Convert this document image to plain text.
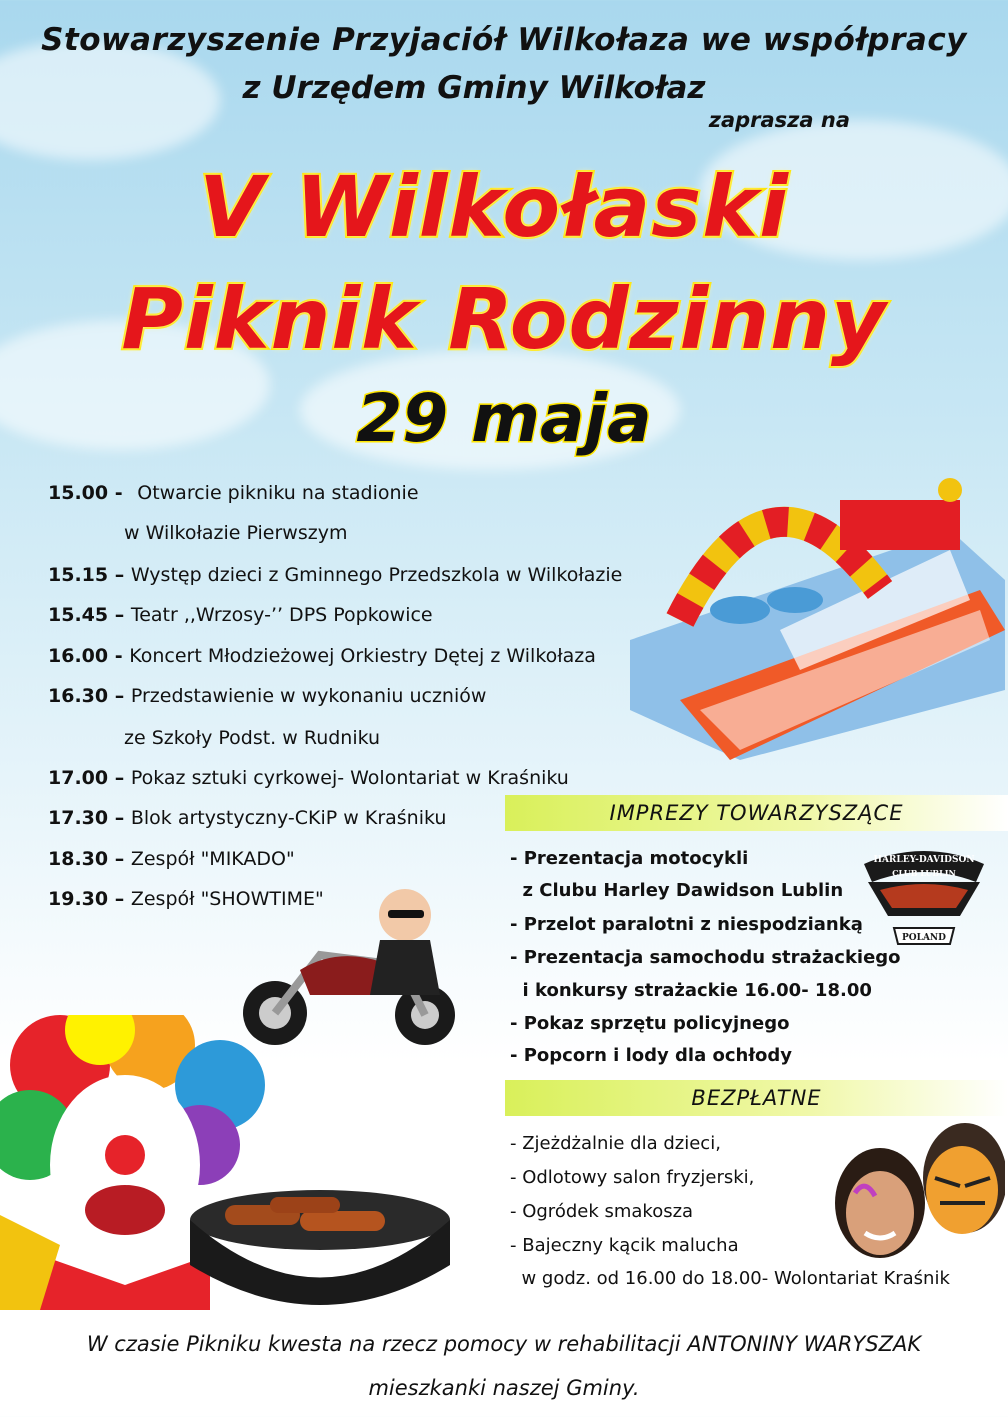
Stowarzyszenie Przyjaciół Wilkołaza we współpracy
z Urzędem Gminy Wilkołaz
zaprasza na
V Wilkołaski
Piknik Rodzinny
29 maja
15.00 - Otwarcie pikniku na stadionie
w Wilkołazie Pierwszym
15.15 – Występ dzieci z Gminnego Przedszkola w Wilkołazie
15.45 – Teatr ,,Wrzosy-’’ DPS Popkowice
16.00 - Koncert Młodzieżowej Orkiestry Dętej z Wilkołaza
16.30 – Przedstawienie w wykonaniu uczniów
ze Szkoły Podst. w Rudniku
17.00 – Pokaz sztuki cyrkowej- Wolontariat w Kraśniku
17.30 – Blok artystyczny-CKiP w Kraśniku
18.30 – Zespół "MIKADO"
19.30 – Zespół "SHOWTIME"
IMPREZY TOWARZYSZĄCE
- Prezentacja motocykli
z Clubu Harley Dawidson Lublin
- Przelot paralotni z niespodzianką
- Prezentacja samochodu strażackiego
i konkursy strażackie 16.00- 18.00
- Pokaz sprzętu policyjnego
- Popcorn i lody dla ochłody
HARLEY-DAVIDSON
CLUB LUBLIN
POLAND
BEZPŁATNE
- Zjeżdżalnie dla dzieci,
- Odlotowy salon fryzjerski,
- Ogródek smakosza
- Bajeczny kącik malucha
w godz. od 16.00 do 18.00- Wolontariat Kraśnik
W czasie Pikniku kwesta na rzecz pomocy w rehabilitacji ANTONINY WARYSZAK
mieszkanki naszej Gminy.
